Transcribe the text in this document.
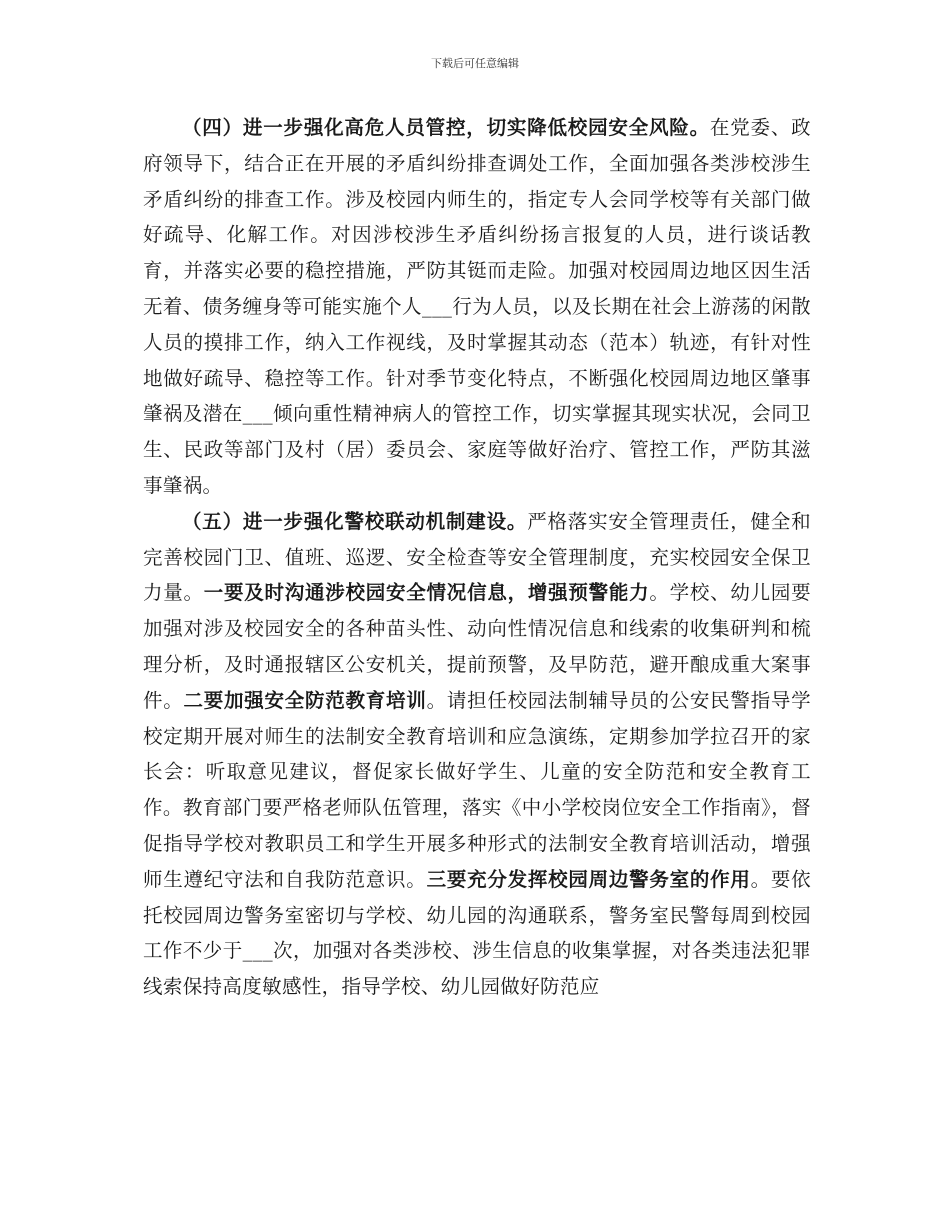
下载后可任意编辑

（四）进一步强化高危人员管控，切实降低校园安全风险。在党委、政府领导下，结合正在开展的矛盾纠纷排查调处工作，全面加强各类涉校涉生矛盾纠纷的排查工作。涉及校园内师生的，指定专人会同学校等有关部门做好疏导、化解工作。对因涉校涉生矛盾纠纷扬言报复的人员，进行谈话教育，并落实必要的稳控措施，严防其铤而走险。加强对校园周边地区因生活无着、债务缠身等可能实施个人___行为人员，以及长期在社会上游荡的闲散人员的摸排工作，纳入工作视线，及时掌握其动态（范本）轨迹，有针对性地做好疏导、稳控等工作。针对季节变化特点，不断强化校园周边地区肇事肇祸及潜在___倾向重性精神病人的管控工作，切实掌握其现实状况，会同卫生、民政等部门及村（居）委员会、家庭等做好治疗、管控工作，严防其滋事肇祸。

（五）进一步强化警校联动机制建设。严格落实安全管理责任，健全和完善校园门卫、值班、巡逻、安全检查等安全管理制度，充实校园安全保卫力量。一要及时沟通涉校园安全情况信息，增强预警能力。学校、幼儿园要加强对涉及校园安全的各种苗头性、动向性情况信息和线索的收集研判和梳理分析，及时通报辖区公安机关，提前预警，及早防范，避开酿成重大案事件。二要加强安全防范教育培训。请担任校园法制辅导员的公安民警指导学校定期开展对师生的法制安全教育培训和应急演练，定期参加学拉召开的家长会：听取意见建议，督促家长做好学生、儿童的安全防范和安全教育工作。教育部门要严格老师队伍管理，落实《中小学校岗位安全工作指南》，督促指导学校对教职员工和学生开展多种形式的法制安全教育培训活动，增强师生遵纪守法和自我防范意识。三要充分发挥校园周边警务室的作用。要依托校园周边警务室密切与学校、幼儿园的沟通联系，警务室民警每周到校园工作不少于___次，加强对各类涉校、涉生信息的收集掌握，对各类违法犯罪线索保持高度敏感性，指导学校、幼儿园做好防范应
